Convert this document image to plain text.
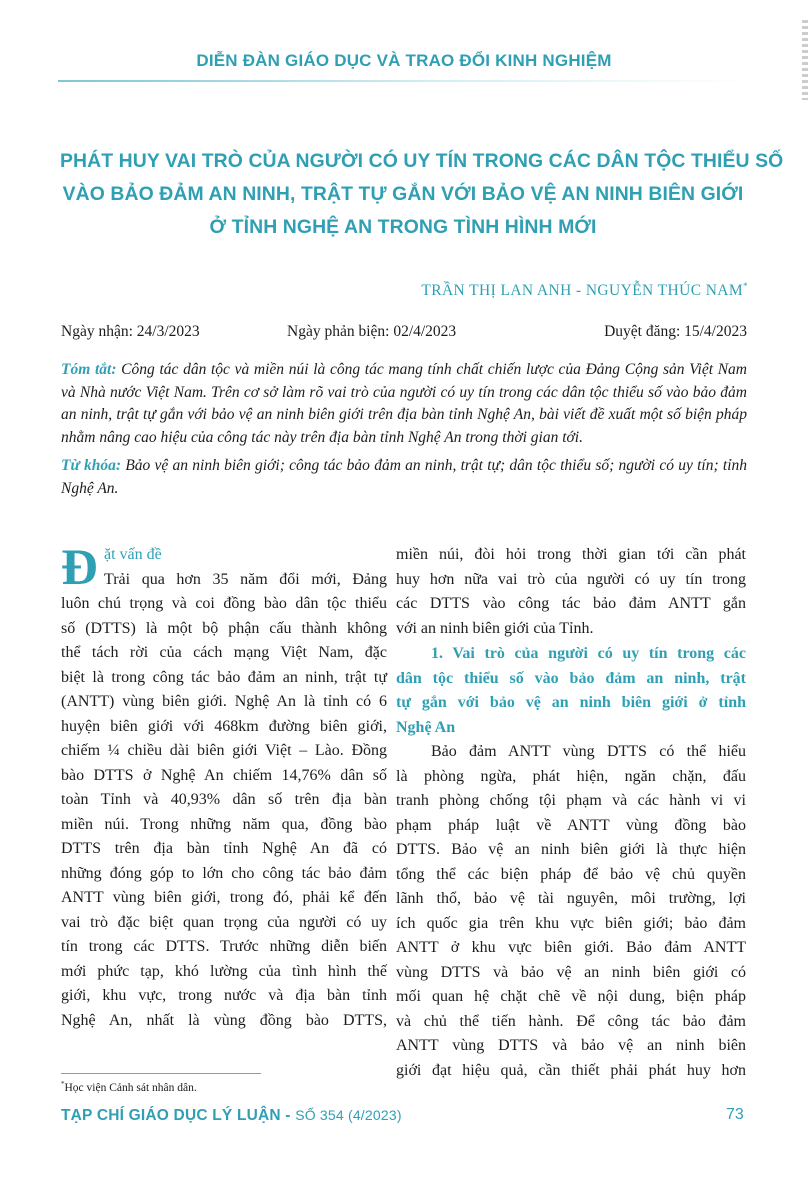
DIỄN ĐÀN GIÁO DỤC VÀ TRAO ĐỔI KINH NGHIỆM
PHÁT HUY VAI TRÒ CỦA NGƯỜI CÓ UY TÍN TRONG CÁC DÂN TỘC THIỂU SỐ
VÀO BẢO ĐẢM AN NINH, TRẬT TỰ GẮN VỚI BẢO VỆ AN NINH BIÊN GIỚI
Ở TỈNH NGHỆ AN TRONG TÌNH HÌNH MỚI
TRẦN THỊ LAN ANH - NGUYỄN THÚC NAM*
Ngày nhận: 24/3/2023	Ngày phản biện: 02/4/2023	Duyệt đăng: 15/4/2023

Tóm tắt: Công tác dân tộc và miền núi là công tác mang tính chất chiến lược của Đảng Cộng sản Việt Nam và Nhà nước Việt Nam. Trên cơ sở làm rõ vai trò của người có uy tín trong các dân tộc thiểu số vào bảo đảm an ninh, trật tự gắn với bảo vệ an ninh biên giới trên địa bàn tỉnh Nghệ An, bài viết đề xuất một số biện pháp nhằm nâng cao hiệu của công tác này trên địa bàn tỉnh Nghệ An trong thời gian tới.

Từ khóa: Bảo vệ an ninh biên giới; công tác bảo đảm an ninh, trật tự; dân tộc thiểu số; người có uy tín; tỉnh Nghệ An.

Đ ặt vấn đề
Trải qua hơn 35 năm đổi mới, Đảng
luôn chú trọng và coi đồng bào dân tộc thiểu
số (DTTS) là một bộ phận cấu thành không
thể tách rời của cách mạng Việt Nam, đặc
biệt là trong công tác bảo đảm an ninh, trật tự
(ANTT) vùng biên giới. Nghệ An là tỉnh có 6
huyện biên giới với 468km đường biên giới,
chiếm ¼ chiều dài biên giới Việt – Lào. Đồng
bào DTTS ở Nghệ An chiếm 14,76% dân số
toàn Tỉnh và 40,93% dân số trên địa bàn
miền núi. Trong những năm qua, đồng bào
DTTS trên địa bàn tỉnh Nghệ An đã có
những đóng góp to lớn cho công tác bảo đảm
ANTT vùng biên giới, trong đó, phải kể đến
vai trò đặc biệt quan trọng của người có uy
tín trong các DTTS. Trước những diễn biến
mới phức tạp, khó lường của tình hình thế
giới, khu vực, trong nước và địa bàn tỉnh
Nghệ An, nhất là vùng đồng bào DTTS,
miền núi, đòi hỏi trong thời gian tới cần phát
huy hơn nữa vai trò của người có uy tín trong
các DTTS vào công tác bảo đảm ANTT gắn
với an ninh biên giới của Tỉnh.
1. Vai trò của người có uy tín trong các
dân tộc thiểu số vào bảo đảm an ninh, trật
tự gắn với bảo vệ an ninh biên giới ở tỉnh
Nghệ An
Bảo đảm ANTT vùng DTTS có thể hiểu
là phòng ngừa, phát hiện, ngăn chặn, đấu
tranh phòng chống tội phạm và các hành vi vi
phạm pháp luật về ANTT vùng đồng bào
DTTS. Bảo vệ an ninh biên giới là thực hiện
tổng thể các biện pháp để bảo vệ chủ quyền
lãnh thổ, bảo vệ tài nguyên, môi trường, lợi
ích quốc gia trên khu vực biên giới; bảo đảm
ANTT ở khu vực biên giới. Bảo đảm ANTT
vùng DTTS và bảo vệ an ninh biên giới có
mối quan hệ chặt chẽ về nội dung, biện pháp
và chủ thể tiến hành. Để công tác bảo đảm
ANTT vùng DTTS và bảo vệ an ninh biên
giới đạt hiệu quả, cần thiết phải phát huy hơn
*Học viện Cảnh sát nhân dân.
TẠP CHÍ GIÁO DỤC LÝ LUẬN - SỐ 354 (4/2023)	73
